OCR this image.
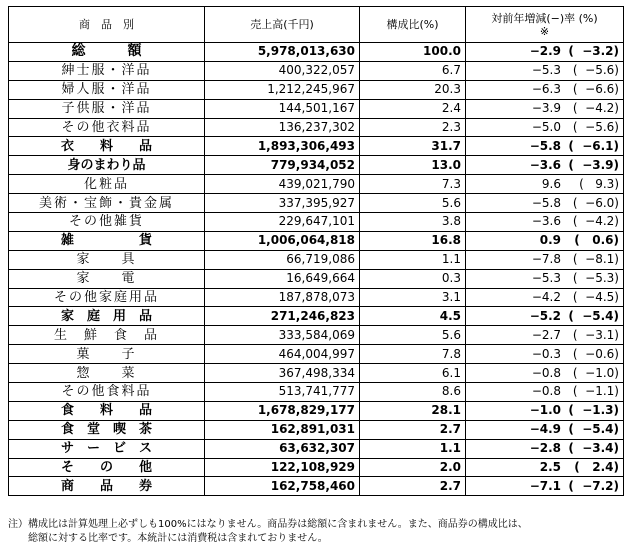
商　品　別	売上高(千円)	構成比(%)	対前年増減(−)率 (%)
※

総　　　額	5,978,013,630	100.0	−2.9 (  −3.2)
紳士服・洋品	400,322,057	6.7	−5.3 (  −5.6)
婦人服・洋品	1,212,245,967	20.3	−6.3 (  −6.6)
子供服・洋品	144,501,167	2.4	−3.9 (  −4.2)
その他衣料品	136,237,302	2.3	−5.0 (  −5.6)
衣　　料　　品	1,893,306,493	31.7	−5.8 (  −6.1)
身のまわり品	779,934,052	13.0	−3.6 (  −3.9)
化粧品	439,021,790	7.3	9.6 (   9.3)
美術・宝飾・貴金属	337,395,927	5.6	−5.8 (  −6.0)
その他雑貨	229,647,101	3.8	−3.6 (  −4.2)
雑　　　　　貨	1,006,064,818	16.8	0.9 (   0.6)
家　　具	66,719,086	1.1	−7.8 (  −8.1)
家　　電	16,649,664	0.3	−5.3 (  −5.3)
その他家庭用品	187,878,073	3.1	−4.2 (  −4.5)
家　庭　用　品	271,246,823	4.5	−5.2 (  −5.4)
生　鮮　食　品	333,584,069	5.6	−2.7 (  −3.1)
菓　　子	464,004,997	7.8	−0.3 (  −0.6)
惣　　菜	367,498,334	6.1	−0.8 (  −1.0)
その他食料品	513,741,777	8.6	−0.8 (  −1.1)
食　　料　　品	1,678,829,177	28.1	−1.0 (  −1.3)
食　堂　喫　茶	162,891,031	2.7	−4.9 (  −5.4)
サ　ー　ビ　ス	63,632,307	1.1	−2.8 (  −3.4)
そ　　の　　他	122,108,929	2.0	2.5 (   2.4)
商　　品　　券	162,758,460	2.7	−7.1 (  −7.2)
注）構成比は計算処理上必ずしも100%にはなりません。商品券は総額に含まれません。また、商品券の構成比は、
　　総額に対する比率です。本統計には消費税は含まれておりません。
